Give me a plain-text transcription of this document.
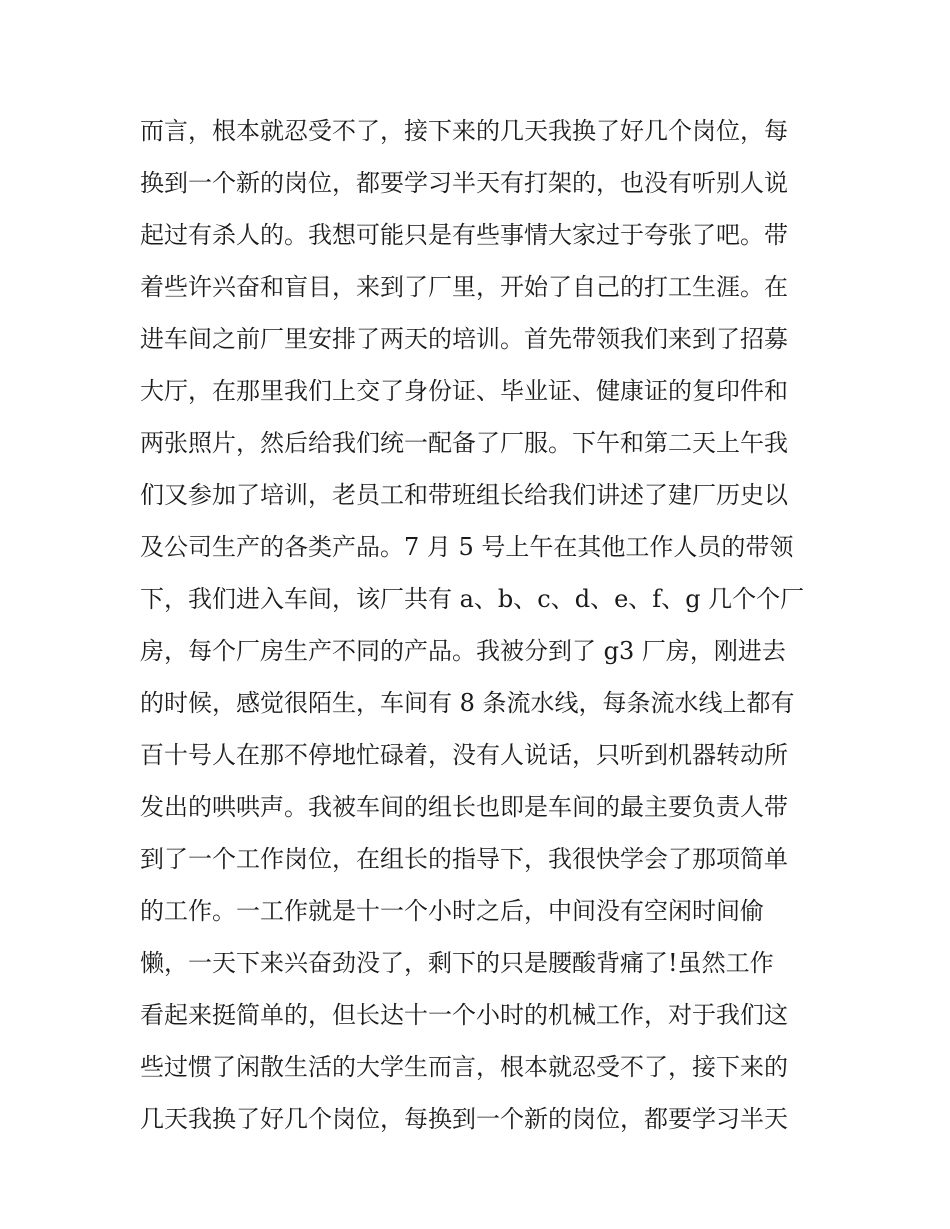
而言，根本就忍受不了，接下来的几天我换了好几个岗位，每
换到一个新的岗位，都要学习半天有打架的，也没有听别人说
起过有杀人的。我想可能只是有些事情大家过于夸张了吧。带
着些许兴奋和盲目，来到了厂里，开始了自己的打工生涯。在
进车间之前厂里安排了两天的培训。首先带领我们来到了招募
大厅，在那里我们上交了身份证、毕业证、健康证的复印件和
两张照片，然后给我们统一配备了厂服。下午和第二天上午我
们又参加了培训，老员工和带班组长给我们讲述了建厂历史以
及公司生产的各类产品。7 月 5 号上午在其他工作人员的带领
下，我们进入车间，该厂共有 a、b、c、d、e、f、g 几个个厂
房，每个厂房生产不同的产品。我被分到了 g3 厂房，刚进去
的时候，感觉很陌生，车间有 8 条流水线，每条流水线上都有
百十号人在那不停地忙碌着，没有人说话，只听到机器转动所
发出的哄哄声。我被车间的组长也即是车间的最主要负责人带
到了一个工作岗位，在组长的指导下，我很快学会了那项简单
的工作。一工作就是十一个小时之后，中间没有空闲时间偷
懒，一天下来兴奋劲没了，剩下的只是腰酸背痛了!虽然工作
看起来挺简单的，但长达十一个小时的机械工作，对于我们这
些过惯了闲散生活的大学生而言，根本就忍受不了，接下来的
几天我换了好几个岗位，每换到一个新的岗位，都要学习半天
